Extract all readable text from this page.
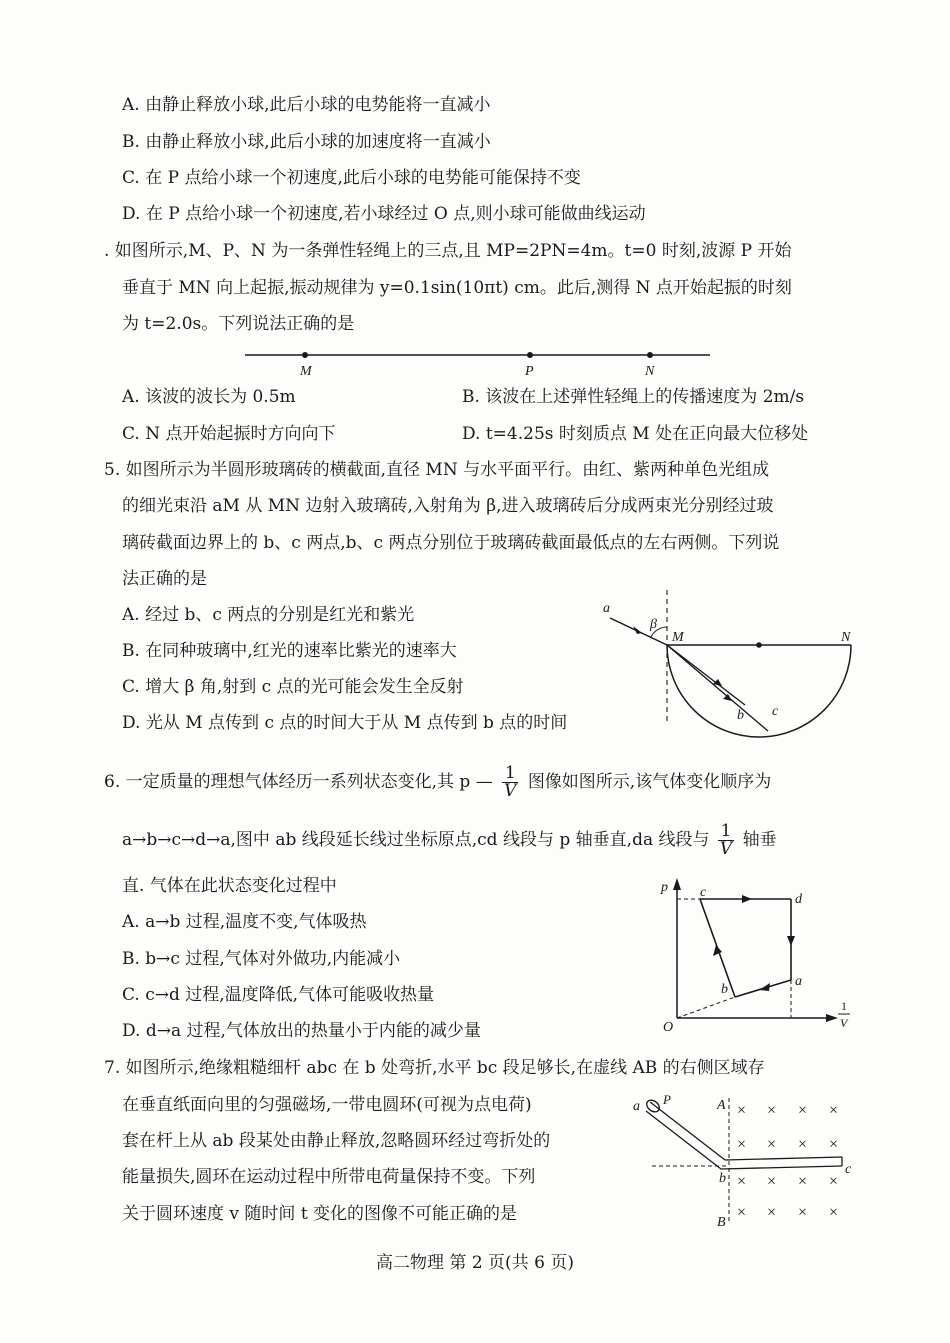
A. 由静止释放小球,此后小球的电势能将一直减小
B. 由静止释放小球,此后小球的加速度将一直减小
C. 在 P 点给小球一个初速度,此后小球的电势能可能保持不变
D. 在 P 点给小球一个初速度,若小球经过 O 点,则小球可能做曲线运动
. 如图所示,M、P、N 为一条弹性轻绳上的三点,且 MP=2PN=4m。t=0 时刻,波源 P 开始
垂直于 MN 向上起振,振动规律为 y=0.1sin(10πt) cm。此后,测得 N 点开始起振的时刻
为 t=2.0s。下列说法正确的是
M	P	N
A. 该波的波长为 0.5m	B. 该波在上述弹性轻绳上的传播速度为 2m/s
C. N 点开始起振时方向向下	D. t=4.25s 时刻质点 M 处在正向最大位移处
5. 如图所示为半圆形玻璃砖的横截面,直径 MN 与水平面平行。由红、紫两种单色光组成
的细光束沿 aM 从 MN 边射入玻璃砖,入射角为 β,进入玻璃砖后分成两束光分别经过玻
璃砖截面边界上的 b、c 两点,b、c 两点分别位于玻璃砖截面最低点的左右两侧。下列说
法正确的是
A. 经过 b、c 两点的分别是红光和紫光
B. 在同种玻璃中,红光的速率比紫光的速率大
C. 增大 β 角,射到 c 点的光可能会发生全反射
D. 光从 M 点传到 c 点的时间大于从 M 点传到 b 点的时间
a
β
M	N
b c
6. 一定质量的理想气体经历一系列状态变化,其 p — $\frac{1}{V}$ 图像如图所示,该气体变化顺序为
a→b→c→d→a,图中 ab 线段延长线过坐标原点,cd 线段与 p 轴垂直,da 线段与 $\frac{1}{V}$ 轴垂
直. 气体在此状态变化过程中
A. a→b 过程,温度不变,气体吸热
B. b→c 过程,气体对外做功,内能减小
C. c→d 过程,温度降低,气体可能吸收热量
D. d→a 过程,气体放出的热量小于内能的减少量
p
O
c	d
a
b
1
V
7. 如图所示,绝缘粗糙细杆 abc 在 b 处弯折,水平 bc 段足够长,在虚线 AB 的右侧区域存
在垂直纸面向里的匀强磁场,一带电圆环(可视为点电荷)
套在杆上从 ab 段某处由静止释放,忽略圆环经过弯折处的
能量损失,圆环在运动过程中所带电荷量保持不变。下列
关于圆环速度 v 随时间 t 变化的图像不可能正确的是
a P	A
b
B
c
× × × ×
× × × ×
× × × ×
× × × ×
高二物理 第 2 页(共 6 页)
